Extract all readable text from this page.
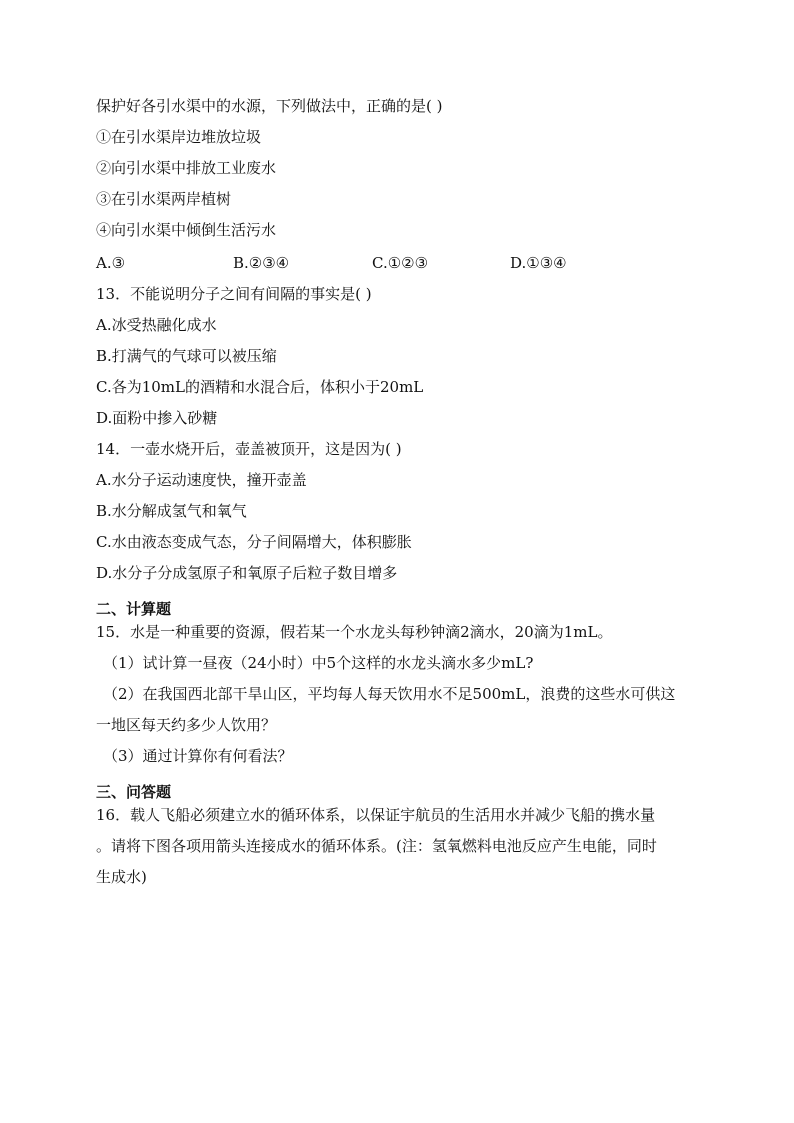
保护好各引水渠中的水源，下列做法中，正确的是( )
①在引水渠岸边堆放垃圾
②向引水渠中排放工业废水
③在引水渠两岸植树
④向引水渠中倾倒生活污水
A.③	B.②③④	C.①②③	D.①③④
13．不能说明分子之间有间隔的事实是( )
A.冰受热融化成水
B.打满气的气球可以被压缩
C.各为10mL的酒精和水混合后，体积小于20mL
D.面粉中掺入砂糖
14．一壶水烧开后，壶盖被顶开，这是因为( )
A.水分子运动速度快，撞开壶盖
B.水分解成氢气和氧气
C.水由液态变成气态，分子间隔增大，体积膨胀
D.水分子分成氢原子和氧原子后粒子数目增多
二、计算题
15．水是一种重要的资源，假若某一个水龙头每秒钟滴2滴水，20滴为1mL。
（1）试计算一昼夜（24小时）中5个这样的水龙头滴水多少mL?
（2）在我国西北部干旱山区，平均每人每天饮用水不足500mL，浪费的这些水可供这
一地区每天约多少人饮用？
（3）通过计算你有何看法？
三、问答题
16．载人飞船必须建立水的循环体系，以保证宇航员的生活用水并减少飞船的携水量
。请将下图各项用箭头连接成水的循环体系。(注：氢氧燃料电池反应产生电能，同时
生成水)
